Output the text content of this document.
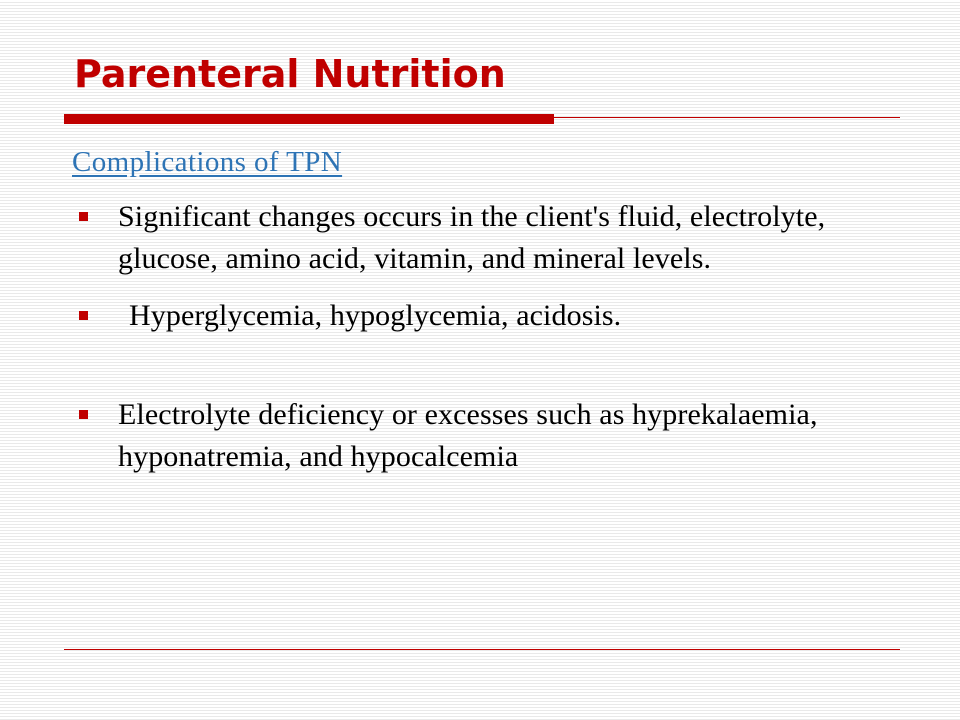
Parenteral Nutrition
Complications of TPN
Significant changes occurs in the client's fluid, electrolyte, glucose, amino acid, vitamin, and mineral levels.
Hyperglycemia, hypoglycemia, acidosis.
Electrolyte deficiency or excesses such as hyprekalaemia, hyponatremia, and hypocalcemia
